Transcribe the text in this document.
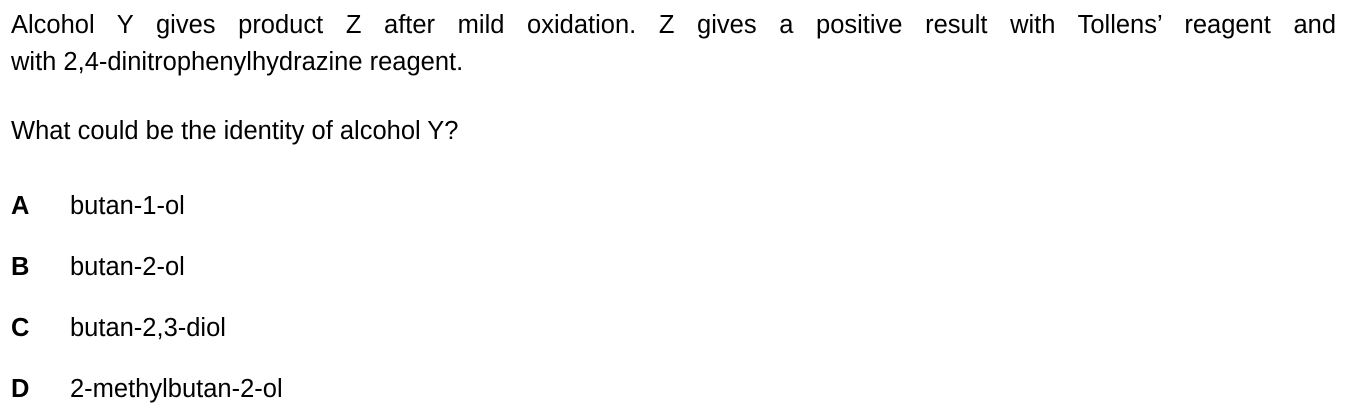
Alcohol Y gives product Z after mild oxidation. Z gives a positive result with Tollens’ reagent and
with 2,4-dinitrophenylhydrazine reagent.

What could be the identity of alcohol Y?

A	butan-1-ol
B	butan-2-ol
C	butan-2,3-diol
D	2-methylbutan-2-ol
